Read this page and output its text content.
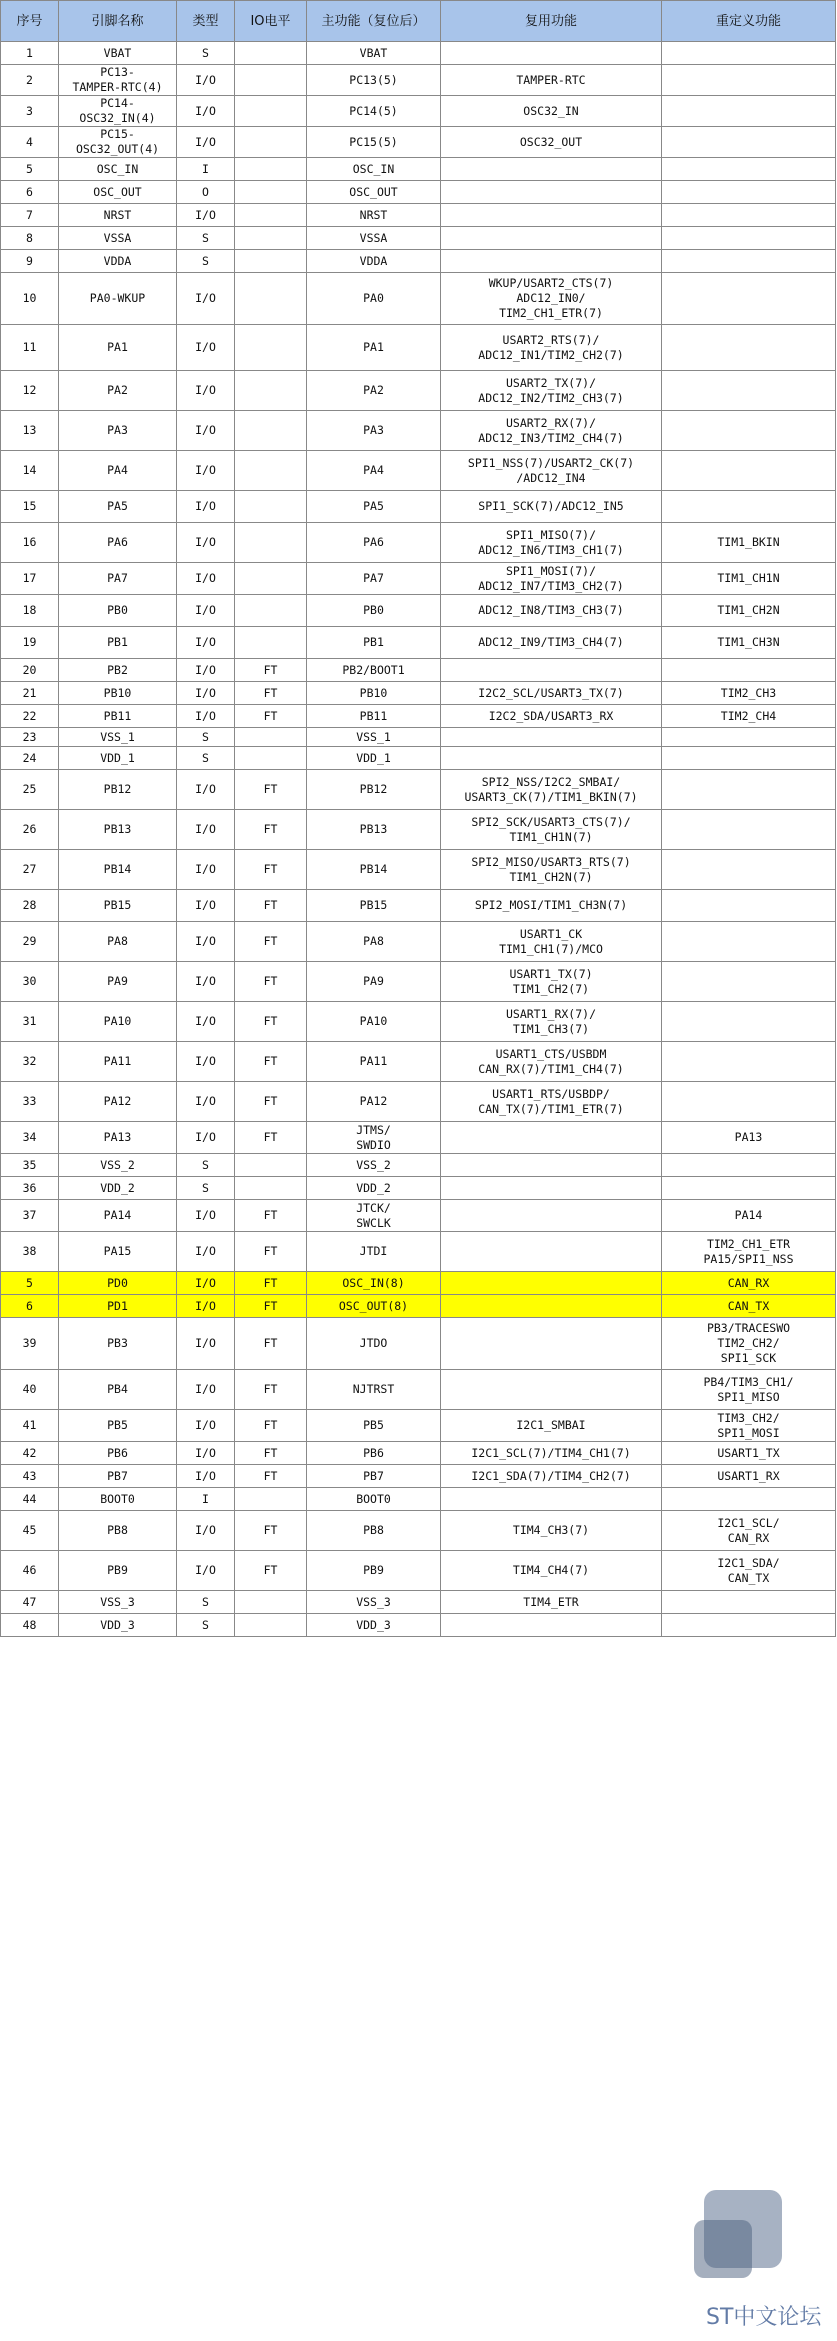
序号	引脚名称	类型	IO电平	主功能（复位后）	复用功能	重定义功能
1	VBAT	S		VBAT		
2	PC13-
TAMPER-RTC(4)	I/O		PC13(5)	TAMPER-RTC	
3	PC14-
OSC32_IN(4)	I/O		PC14(5)	OSC32_IN	
4	PC15-
OSC32_OUT(4)	I/O		PC15(5)	OSC32_OUT	
5	OSC_IN	I		OSC_IN		
6	OSC_OUT	O		OSC_OUT		
7	NRST	I/O		NRST		
8	VSSA	S		VSSA		
9	VDDA	S		VDDA		
10	PA0-WKUP	I/O		PA0	WKUP/USART2_CTS(7)
ADC12_IN0/
TIM2_CH1_ETR(7)	
11	PA1	I/O		PA1	USART2_RTS(7)/
ADC12_IN1/TIM2_CH2(7)	
12	PA2	I/O		PA2	USART2_TX(7)/
ADC12_IN2/TIM2_CH3(7)	
13	PA3	I/O		PA3	USART2_RX(7)/
ADC12_IN3/TIM2_CH4(7)	
14	PA4	I/O		PA4	SPI1_NSS(7)/USART2_CK(7)
/ADC12_IN4	
15	PA5	I/O		PA5	SPI1_SCK(7)/ADC12_IN5	
16	PA6	I/O		PA6	SPI1_MISO(7)/
ADC12_IN6/TIM3_CH1(7)	TIM1_BKIN
17	PA7	I/O		PA7	SPI1_MOSI(7)/
ADC12_IN7/TIM3_CH2(7)	TIM1_CH1N
18	PB0	I/O		PB0	ADC12_IN8/TIM3_CH3(7)	TIM1_CH2N
19	PB1	I/O		PB1	ADC12_IN9/TIM3_CH4(7)	TIM1_CH3N
20	PB2	I/O	FT	PB2/BOOT1		
21	PB10	I/O	FT	PB10	I2C2_SCL/USART3_TX(7)	TIM2_CH3
22	PB11	I/O	FT	PB11	I2C2_SDA/USART3_RX	TIM2_CH4
23	VSS_1	S		VSS_1		
24	VDD_1	S		VDD_1		
25	PB12	I/O	FT	PB12	SPI2_NSS/I2C2_SMBAI/
USART3_CK(7)/TIM1_BKIN(7)	
26	PB13	I/O	FT	PB13	SPI2_SCK/USART3_CTS(7)/
TIM1_CH1N(7)	
27	PB14	I/O	FT	PB14	SPI2_MISO/USART3_RTS(7)
TIM1_CH2N(7)	
28	PB15	I/O	FT	PB15	SPI2_MOSI/TIM1_CH3N(7)	
29	PA8	I/O	FT	PA8	USART1_CK
TIM1_CH1(7)/MCO	
30	PA9	I/O	FT	PA9	USART1_TX(7)
TIM1_CH2(7)	
31	PA10	I/O	FT	PA10	USART1_RX(7)/
TIM1_CH3(7)	
32	PA11	I/O	FT	PA11	USART1_CTS/USBDM
CAN_RX(7)/TIM1_CH4(7)	
33	PA12	I/O	FT	PA12	USART1_RTS/USBDP/
CAN_TX(7)/TIM1_ETR(7)	
34	PA13	I/O	FT	JTMS/
SWDIO		PA13
35	VSS_2	S		VSS_2		
36	VDD_2	S		VDD_2		
37	PA14	I/O	FT	JTCK/
SWCLK		PA14
38	PA15	I/O	FT	JTDI		TIM2_CH1_ETR
PA15/SPI1_NSS
5	PD0	I/O	FT	OSC_IN(8)		CAN_RX
6	PD1	I/O	FT	OSC_OUT(8)		CAN_TX
39	PB3	I/O	FT	JTDO		PB3/TRACESWO
TIM2_CH2/
SPI1_SCK
40	PB4	I/O	FT	NJTRST		PB4/TIM3_CH1/
SPI1_MISO
41	PB5	I/O	FT	PB5	I2C1_SMBAI	TIM3_CH2/
SPI1_MOSI
42	PB6	I/O	FT	PB6	I2C1_SCL(7)/TIM4_CH1(7)	USART1_TX
43	PB7	I/O	FT	PB7	I2C1_SDA(7)/TIM4_CH2(7)	USART1_RX
44	BOOT0	I		BOOT0		
45	PB8	I/O	FT	PB8	TIM4_CH3(7)	I2C1_SCL/
CAN_RX
46	PB9	I/O	FT	PB9	TIM4_CH4(7)	I2C1_SDA/
CAN_TX
47	VSS_3	S		VSS_3	TIM4_ETR	
48	VDD_3	S		VDD_3		
ST中文论坛
